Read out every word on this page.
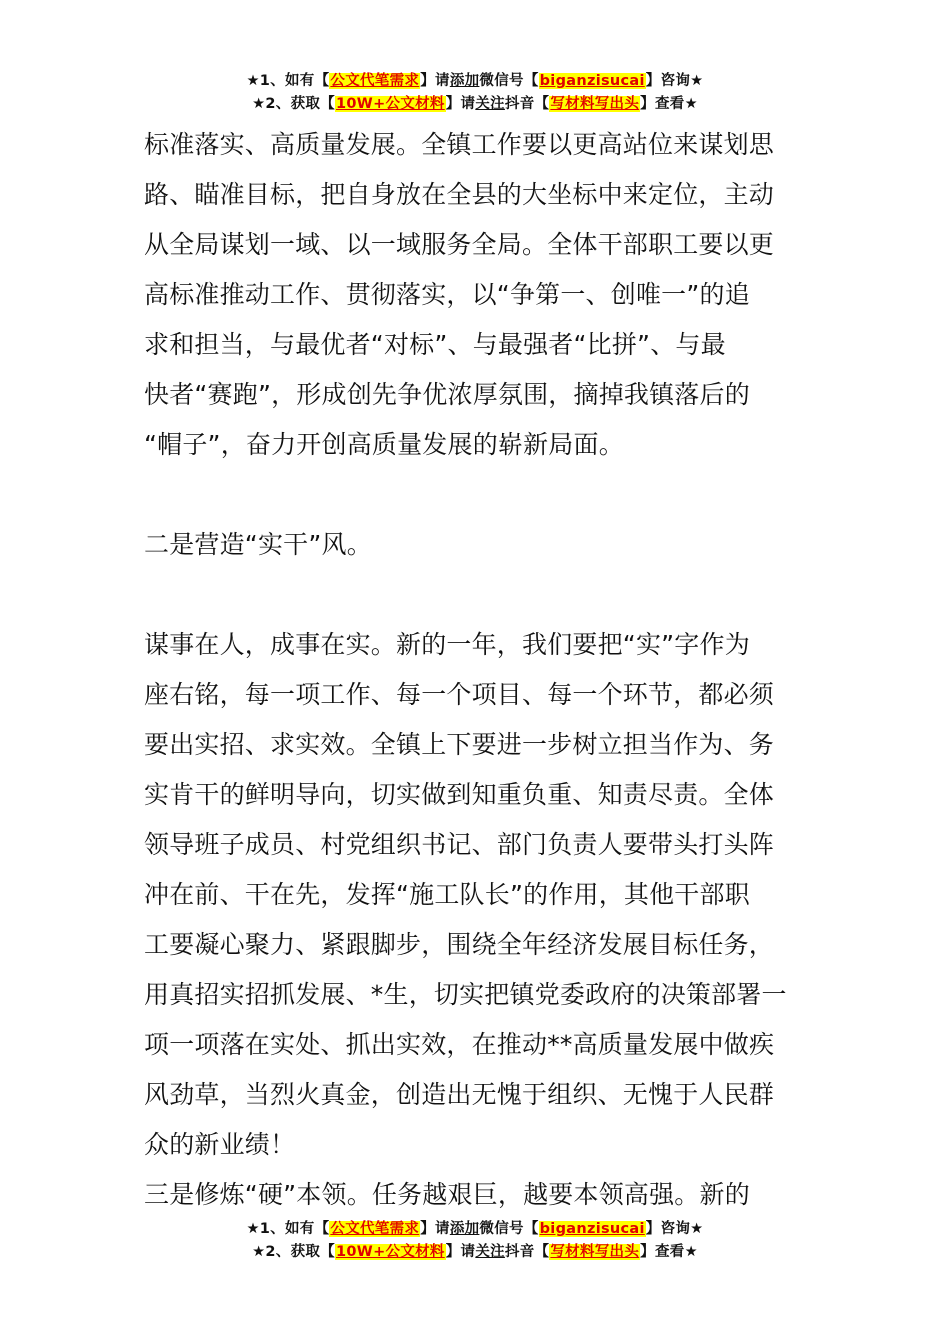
★1、如有【公文代笔需求】请添加微信号【biganzisucai】咨询★
★2、获取【10W+公文材料】请关注抖音【写材料写出头】查看★

标准落实、高质量发展。全镇工作要以更高站位来谋划思

路、瞄准目标，把自身放在全县的大坐标中来定位，主动

从全局谋划一域、以一域服务全局。全体干部职工要以更

高标准推动工作、贯彻落实，以“争第一、创唯一”的追

求和担当，与最优者“对标”、与最强者“比拼”、与最

快者“赛跑”，形成创先争优浓厚氛围，摘掉我镇落后的

“帽子”，奋力开创高质量发展的崭新局面。

二是营造“实干”风。

谋事在人，成事在实。新的一年，我们要把“实”字作为

座右铭，每一项工作、每一个项目、每一个环节，都必须

要出实招、求实效。全镇上下要进一步树立担当作为、务

实肯干的鲜明导向，切实做到知重负重、知责尽责。全体

领导班子成员、村党组织书记、部门负责人要带头打头阵

冲在前、干在先，发挥“施工队长”的作用，其他干部职

工要凝心聚力、紧跟脚步，围绕全年经济发展目标任务，

用真招实招抓发展、*生，切实把镇党委政府的决策部署一

项一项落在实处、抓出实效，在推动**高质量发展中做疾

风劲草，当烈火真金，创造出无愧于组织、无愧于人民群

众的新业绩！

三是修炼“硬”本领。任务越艰巨，越要本领高强。新的

★1、如有【公文代笔需求】请添加微信号【biganzisucai】咨询★
★2、获取【10W+公文材料】请关注抖音【写材料写出头】查看★
